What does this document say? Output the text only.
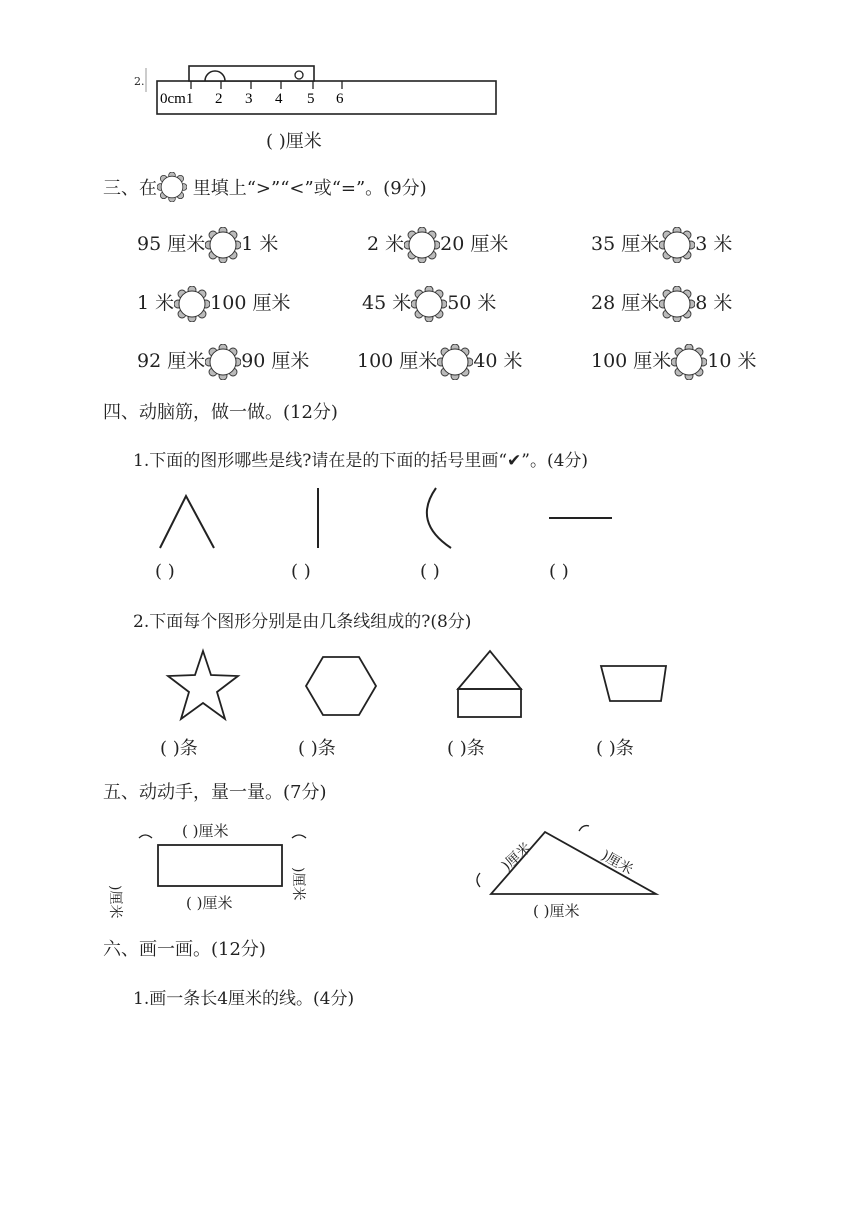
2.
0cm1 2 3 4 5 6
( )厘米
三、在 里填上“>”“<”或“=”。(9分)
95 厘米 1 米	2 米 20 厘米	35 厘米 3 米
1 米 100 厘米	45 米 50 米	28 厘米 8 米
92 厘米 90 厘米	100 厘米 40 米	100 厘米 10 米
四、动脑筋，做一做。(12分)
1.下面的图形哪些是线?请在是的下面的括号里画“✔”。(4分)
( )	( )	( )	( )
2.下面每个图形分别是由几条线组成的?(8分)
( )条	( )条	( )条	( )条
五、动动手，量一量。(7分)
( )厘米
( )厘米
)厘米
)厘米
)厘米	)厘米
( )厘米
六、画一画。(12分)
1.画一条长4厘米的线。(4分)
